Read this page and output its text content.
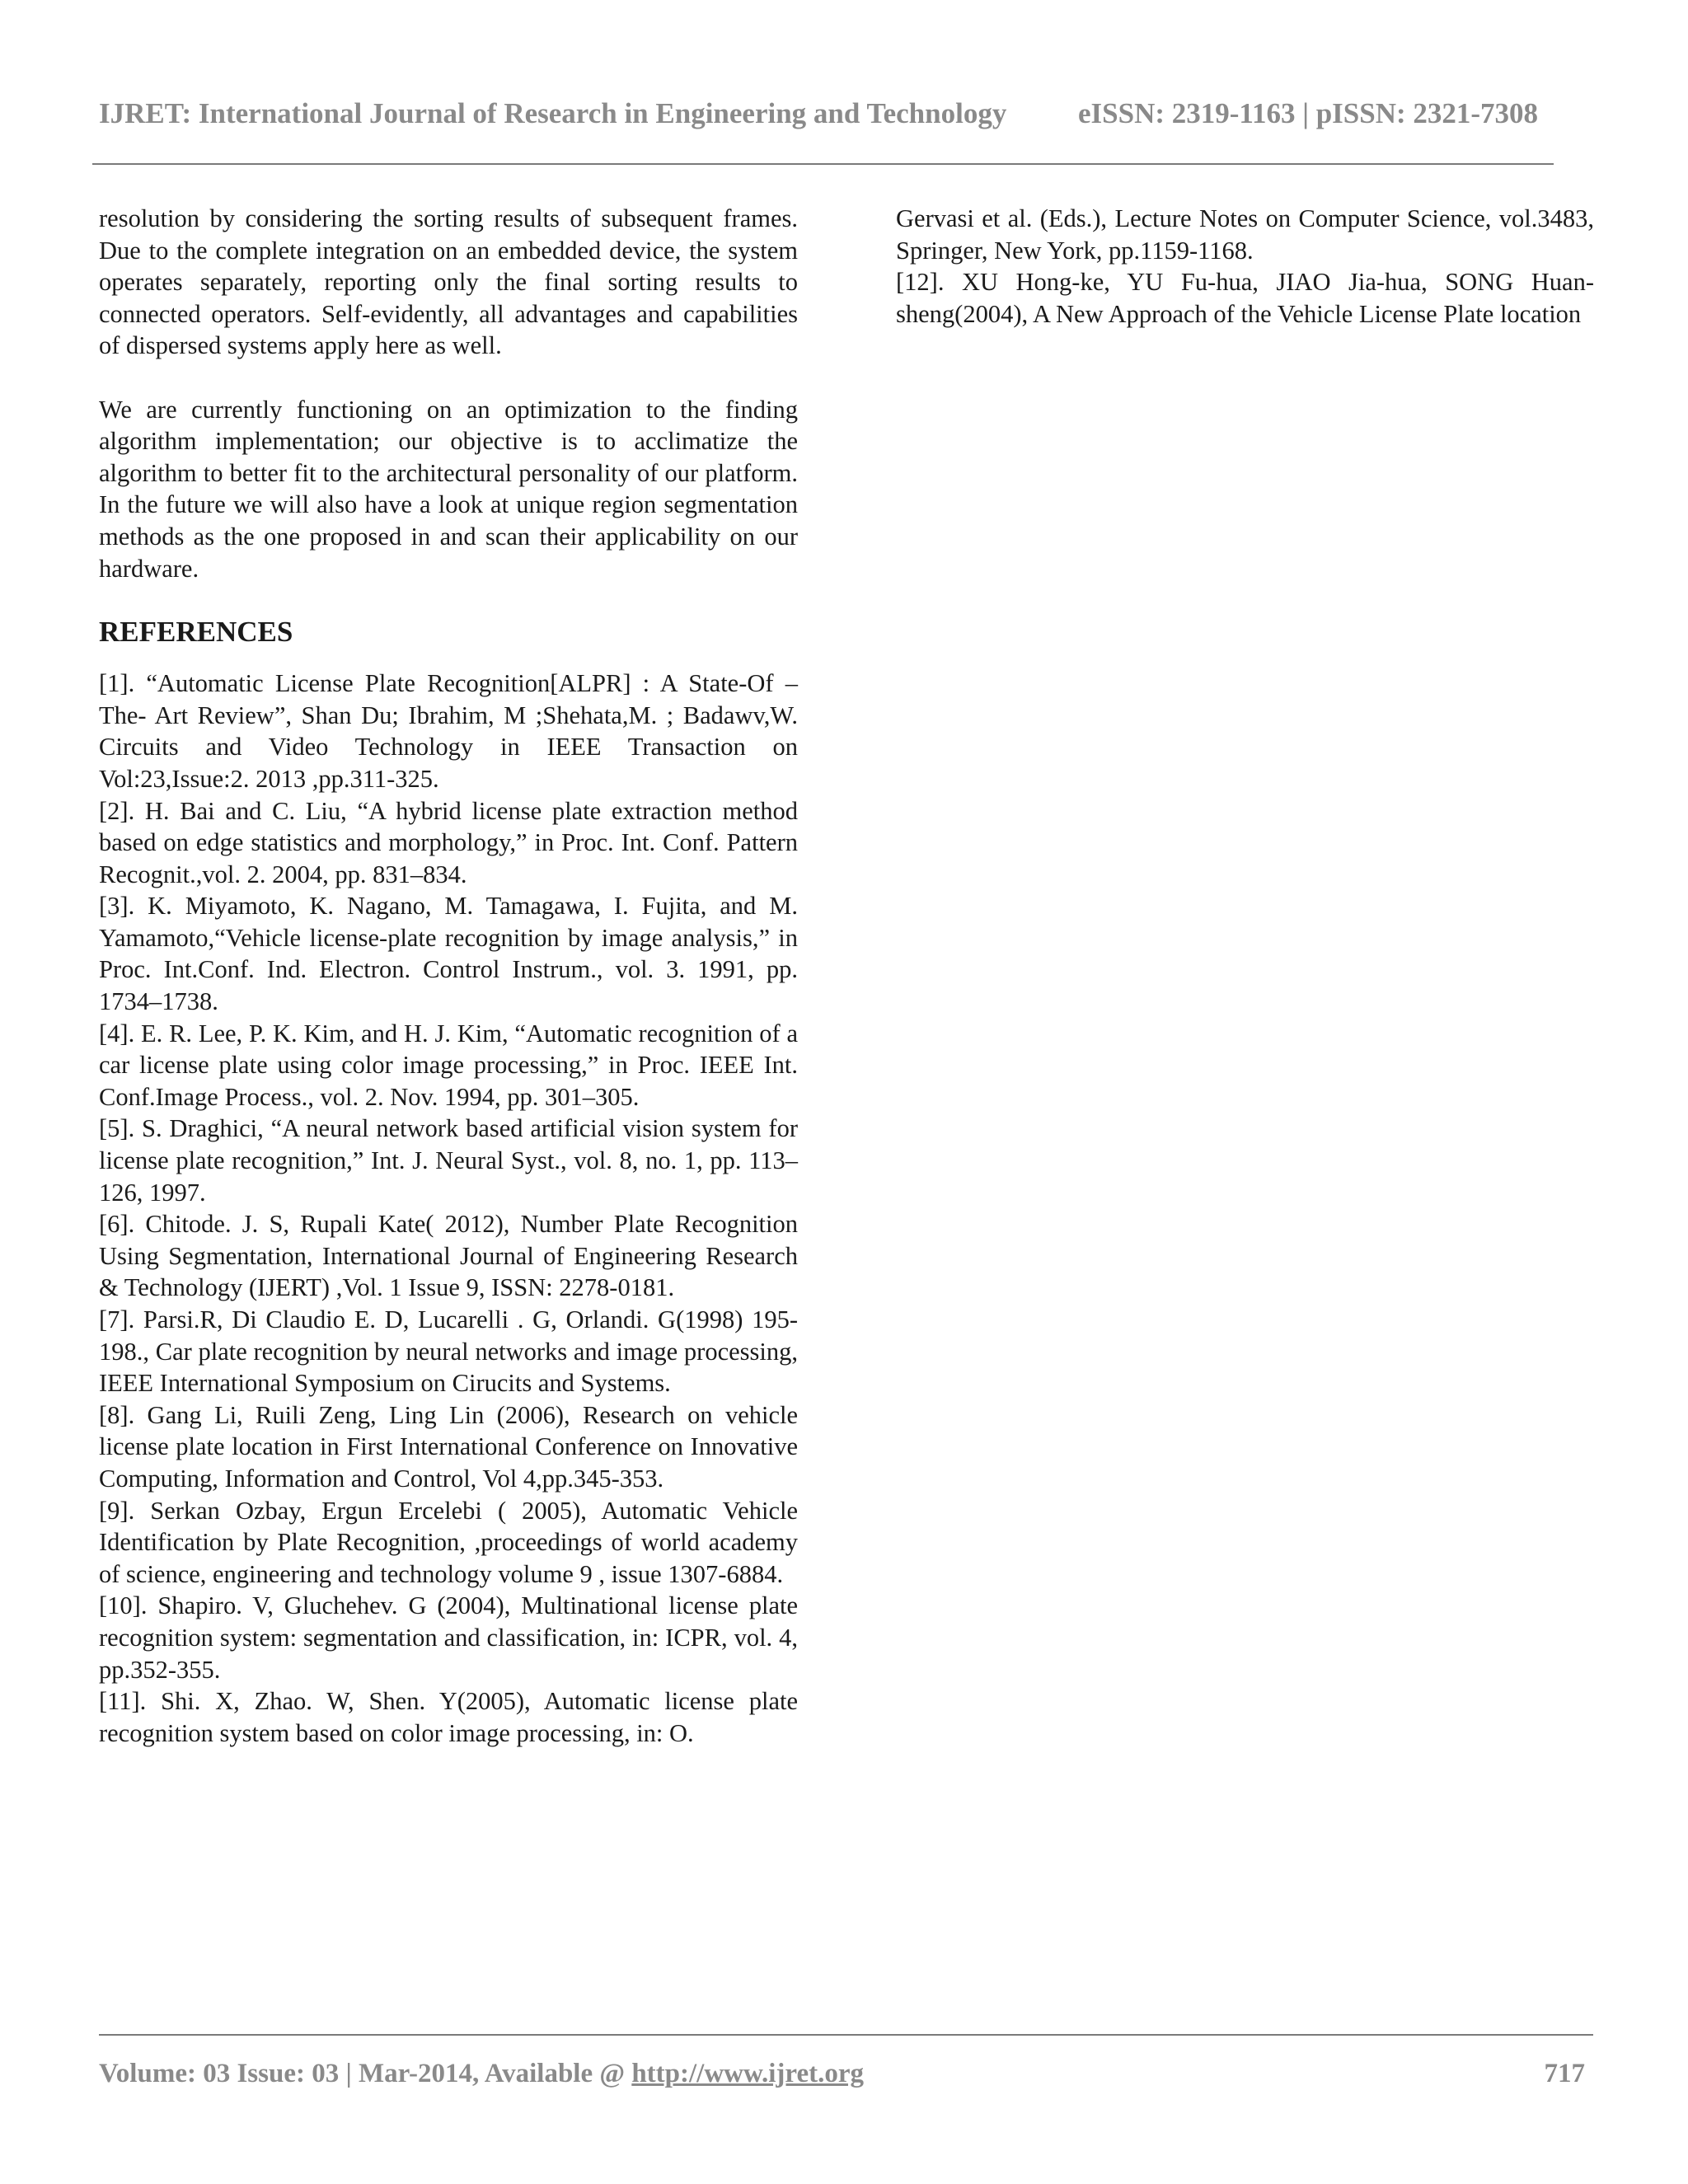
IJRET: International Journal of Research in Engineering and Technology eISSN: 2319-1163 | pISSN: 2321-7308

resolution by considering the sorting results of subsequent frames. Due to the complete integration on an embedded device, the system operates separately, reporting only the final sorting results to connected operators. Self-evidently, all advantages and capabilities of dispersed systems apply here as well.

We are currently functioning on an optimization to the finding algorithm implementation; our objective is to acclimatize the algorithm to better fit to the architectural personality of our platform. In the future we will also have a look at unique region segmentation methods as the one proposed in and scan their applicability on our hardware.

REFERENCES

[1]. “Automatic License Plate Recognition[ALPR] : A State-Of –The- Art Review”, Shan Du; Ibrahim, M ;Shehata,M. ; Badawv,W. Circuits and Video Technology in IEEE Transaction on Vol:23,Issue:2. 2013 ,pp.311-325.

[2]. H. Bai and C. Liu, “A hybrid license plate extraction method based on edge statistics and morphology,” in Proc. Int. Conf. Pattern Recognit.,vol. 2. 2004, pp. 831–834.

[3]. K. Miyamoto, K. Nagano, M. Tamagawa, I. Fujita, and M. Yamamoto,“Vehicle license-plate recognition by image analysis,” in Proc. Int.Conf. Ind. Electron. Control Instrum., vol. 3. 1991, pp. 1734–1738.

[4]. E. R. Lee, P. K. Kim, and H. J. Kim, “Automatic recognition of a car license plate using color image processing,” in Proc. IEEE Int. Conf.Image Process., vol. 2. Nov. 1994, pp. 301–305.

[5]. S. Draghici, “A neural network based artificial vision system for license plate recognition,” Int. J. Neural Syst., vol. 8, no. 1, pp. 113–126, 1997.

[6]. Chitode. J. S, Rupali Kate( 2012), Number Plate Recognition Using Segmentation, International Journal of Engineering Research & Technology (IJERT) ,Vol. 1 Issue 9, ISSN: 2278-0181.

[7]. Parsi.R, Di Claudio E. D, Lucarelli . G, Orlandi. G(1998) 195-198., Car plate recognition by neural networks and image processing, IEEE International Symposium on Cirucits and Systems.

[8]. Gang Li, Ruili Zeng, Ling Lin (2006), Research on vehicle license plate location in First International Conference on Innovative Computing, Information and Control, Vol 4,pp.345-353.

[9]. Serkan Ozbay, Ergun Ercelebi ( 2005), Automatic Vehicle Identification by Plate Recognition, ,proceedings of world academy of science, engineering and technology volume 9 , issue 1307-6884.

[10]. Shapiro. V, Gluchehev. G (2004), Multinational license plate recognition system: segmentation and classification, in: ICPR, vol. 4, pp.352-355.

[11]. Shi. X, Zhao. W, Shen. Y(2005), Automatic license plate recognition system based on color image processing, in: O.

Gervasi et al. (Eds.), Lecture Notes on Computer Science, vol.3483, Springer, New York, pp.1159-1168.

[12]. XU Hong-ke, YU Fu-hua, JIAO Jia-hua, SONG Huan-sheng(2004), A New Approach of the Vehicle License Plate location

Volume: 03 Issue: 03 | Mar-2014, Available @ http://www.ijret.org	717
